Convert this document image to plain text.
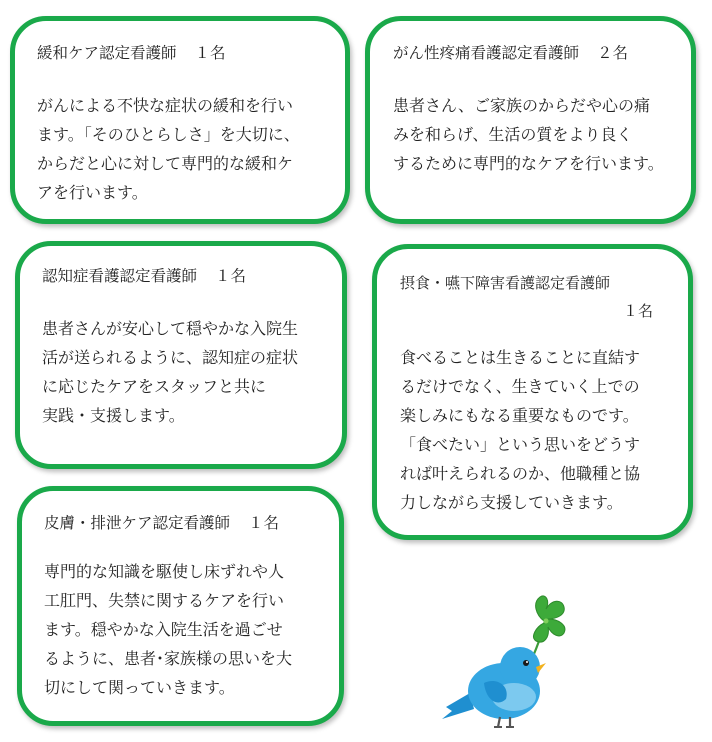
緩和ケア認定看護師 １名
がんによる不快な症状の緩和を行い
ます。「そのひとらしさ」を大切に、
からだと心に対して専門的な緩和ケ
アを行います。
がん性疼痛看護認定看護師 ２名
患者さん、ご家族のからだや心の痛
みを和らげ、生活の質をより良く
するために専門的なケアを行います。
認知症看護認定看護師 １名
患者さんが安心して穏やかな入院生
活が送られるように、認知症の症状
に応じたケアをスタッフと共に
実践・支援します。
摂食・嚥下障害看護認定看護師
１名
食べることは生きることに直結す
るだけでなく、生きていく上での
楽しみにもなる重要なものです。
「食べたい」という思いをどうす
れば叶えられるのか、他職種と協
力しながら支援していきます。
皮膚・排泄ケア認定看護師 １名
専門的な知識を駆使し床ずれや人
工肛門、失禁に関するケアを行い
ます。穏やかな入院生活を過ごせ
るように、患者･家族様の思いを大
切にして関っていきます。
